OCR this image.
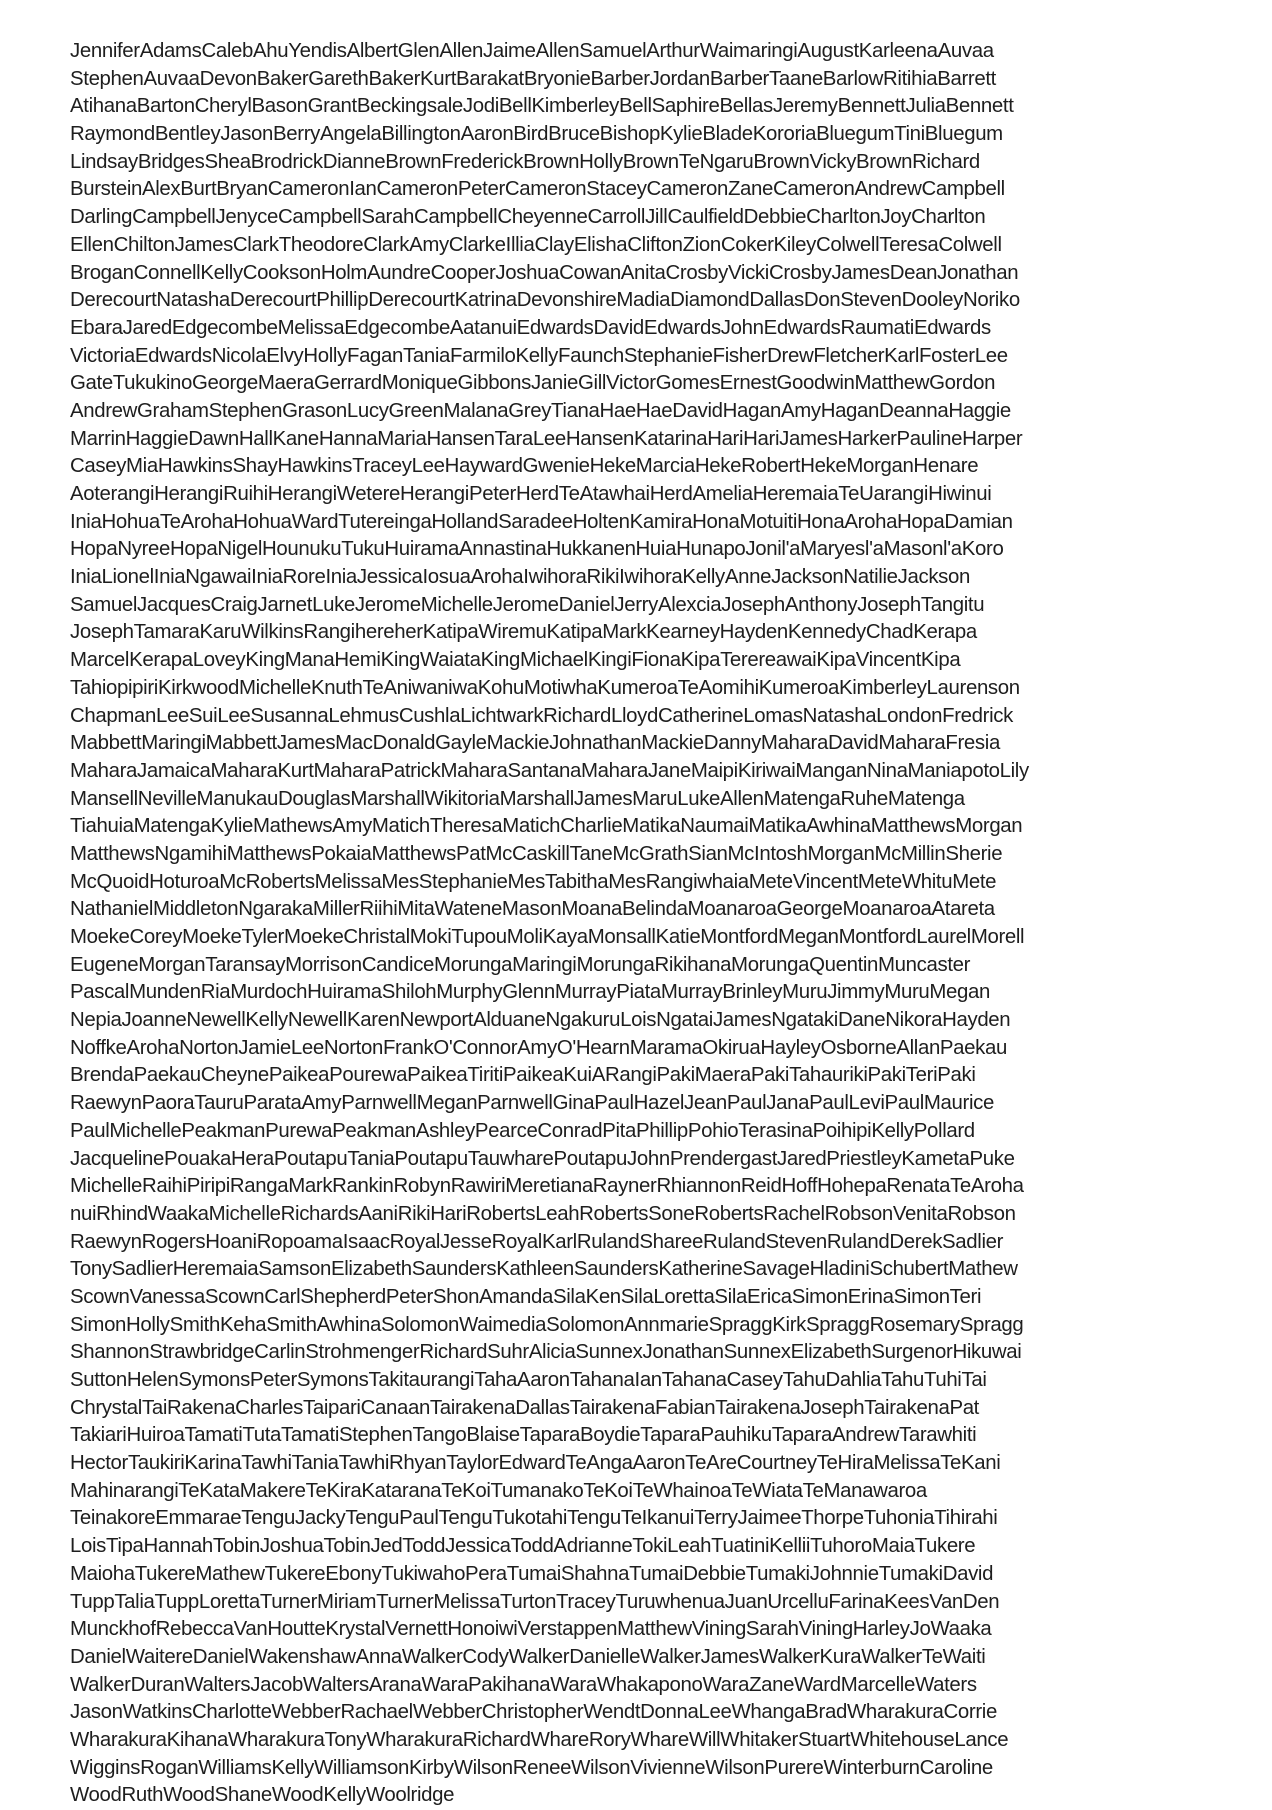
JenniferAdamsCalebAhuYendisAlbertGlenAllenJaimeAllenSamuelArthurWaimaringiAugustKarleenaAuvaa
StephenAuvaaDevonBakerGarethBakerKurtBarakatBryonieBarberJordanBarberTaaneBarlowRitihiaBarrett
AtihanaBartonCherylBasonGrantBeckingsaleJodiBellKimberleyBellSaphireBellasJeremyBennettJuliaBennett
RaymondBentleyJasonBerryAngelaBillingtonAaronBirdBruceBishopKylieBladeKororiaBluegumTiniBluegum
LindsayBridgesSheaBrodrickDianneBrownFrederickBrownHollyBrownTeNgaruBrownVickyBrownRichard
BursteinAlexBurtBryanCameronIanCameronPeterCameronStaceyCameronZaneCameronAndrewCampbell
DarlingCampbellJenyceCampbellSarahCampbellCheyenneCarrollJillCaulfieldDebbieCharltonJoyCharlton
EllenChiltonJamesClarkTheodoreClarkAmyClarkeIlliaClayElishaCliftonZionCokerKileyColwellTeresaColwell
BroganConnellKellyCooksonHolmAundreCooperJoshuaCowanAnitaCrosbyVickiCrosbyJamesDeanJonathan
DerecourtNatashaDerecourtPhillipDerecourtKatrinaDevonshireMadiaDiamondDallasDonStevenDooleyNoriko
EbaraJaredEdgecombeMelissaEdgecombeAatanuiEdwardsDavidEdwardsJohnEdwardsRaumatiEdwards
VictoriaEdwardsNicolaElvyHollyFaganTaniaFarmiloKellyFaunchStephanieFisherDrewFletcherKarlFosterLee
GateTukukinoGeorgeMaeraGerrardMoniqueGibbonsJanieGillVictorGomesErnestGoodwinMatthewGordon
AndrewGrahamStephenGrasonLucyGreenMalanaGreyTianaHaeHaeDavidHaganAmyHaganDeannaHaggie
MarrinHaggieDawnHallKaneHannaMariaHansenTaraLeeHansenKatarinaHariHariJamesHarkerPaulineHarper
CaseyMiaHawkinsShayHawkinsTraceyLeeHaywardGwenieHekeMarciaHekeRobertHekeMorganHenare
AoterangiHerangiRuihiHerangiWetereHerangiPeterHerdTeAtawhaiHerdAmeliaHeremaiaTeUarangiHiwinui
IniaHohuaTeArohaHohuaWardTutereingaHollandSaradeeHoltenKamiraHonaMotuitiHonaArohaHopaDamian
HopaNyreeHopaNigelHounukuTukuHuiramaAnnastinaHukkanenHuiaHunapoJonil'aMaryesl'aMasonl'aKoro
IniaLionelIniaNgawaiIniaRoreIniaJessicaIosuaArohaIwihoraRikiIwihoraKellyAnneJacksonNatilieJackson
SamuelJacquesCraigJarnetLukeJeromeMichelleJeromeDanielJerryAlexciaJosephAnthonyJosephTangitu
JosephTamaraKaruWilkinsRangihereherKatipaWiremuKatipaMarkKearneyHaydenKennedyChadKerapa
MarcelKerapaLoveyKingManaHemiKingWaiataKingMichaelKingiFionaKipaTerereawaiKipaVincentKipa
TahiopipiriKirkwoodMichelleKnuthTeAniwaniwaKohuMotiwhaKumeroaTeAomihiKumeroaKimberleyLaurenson
ChapmanLeeSuiLeeSusannaLehmusCushlaLichtwarkRichardLloydCatherineLomasNatashaLondonFredrick
MabbettMaringiMabbettJamesMacDonaldGayleMackieJohnathanMackieDannyMaharaDavidMaharaFresia
MaharaJamaicaMaharaKurtMaharaPatrickMaharaSantanaMaharaJaneMaipiKiriwaiManganNinaManiapotoLily
MansellNevilleManukauDouglasMarshallWikitoriaMarshallJamesMaruLukeAllenMatengaRuheMatenga
TiahuiaMatengaKylieMathewsAmyMatichTheresaMatichCharlieMatikaNaumaiMatikaAwhinaMatthewsMorgan
MatthewsNgamihiMatthewsPokaiaMatthewsPatMcCaskillTaneMcGrathSianMcIntoshMorganMcMillinSherie
McQuoidHoturoaMcRobertsMelissaMesStephanieMesTabithaMesRangiwhaiaMeteVincentMeteWhituMete
NathanielMiddletonNgarakaMillerRiihiMitaWateneMasonMoanaBelindaMoanaroaGeorgeMoanaroaAtareta
MoekeCoreyMoekeTylerMoekeChristalMokiTupouMoliKayaMonsallKatieMontfordMeganMontfordLaurelMorell
EugeneMorganTaransayMorrisonCandiceMorungaMaringiMorungaRikihanaMorungaQuentinMuncaster
PascalMundenRiaMurdochHuiramaShilohMurphyGlennMurrayPiataMurrayBrinleyMuruJimmyMuruMegan
NepiaJoanneNewellKellyNewellKarenNewportAlduaneNgakuruLoisNgataiJamesNgatakiDaneNikoraHayden
NoffkeArohaNortonJamieLeeNortonFrankO'ConnorAmyO'HearnMaramaOkiruaHayleyOsborneAllanPaekau
BrendaPaekauCheynePaikeaPourewaPaikeaTiritiPaikeaKuiARangiPakiMaeraPakiTahaurikiPakiTeriPaki
RaewynPaoraTauruParataAmyParnwellMeganParnwellGinaPaulHazelJeanPaulJanaPaulLeviPaulMaurice
PaulMichellePeakmanPurewaPeakmanAshleyPearceConradPitaPhillipPohioTerasinaPoihipiKellyPollard
JacquelinePouakaHeraPoutapuTaniaPoutapuTauwharePoutapuJohnPrendergastJaredPriestleyKametaPuke
MichelleRaihiPiripiRangaMarkRankinRobynRawiriMeretianaRaynerRhiannonReidHoffHohepaRenataTeAroha
nuiRhindWaakaMichelleRichardsAaniRikiHariRobertsLeahRobertsSoneRobertsRachelRobsonVenitaRobson
RaewynRogersHoaniRopoamaIsaacRoyalJesseRoyalKarlRulandShareeRulandStevenRulandDerekSadlier
TonySadlierHeremaiaSamsonElizabethSaundersKathleenSaundersKatherineSavageHladiniSchubertMathew
ScownVanessaScownCarlShepherdPeterShonAmandaSilaKenSilaLorettaSilaEricaSimonErinaSimonTeri
SimonHollySmithKehaSmithAwhinaSolomonWaimediaSolomonAnnmarieSpraggKirkSpraggRosemarySpragg
ShannonStrawbridgeCarlinStrohmengerRichardSuhrAliciaSunnexJonathanSunnexElizabethSurgenorHikuwai
SuttonHelenSymonsPeterSymonsTakitaurangiTahaAaronTahanaIanTahanaCaseyTahuDahliaTahuTuhiTai
ChrystalTaiRakenaCharlesTaipariCanaanTairakenaDallasTairakenaFabianTairakenaJosephTairakenaPat
TakiariHuiroaTamatiTutaTamatiStephenTangoBlaiseTaparaBoydieTaparaPauhikuTaparaAndrewTarawhiti
HectorTaukiriKarinaTawhiTaniaTawhiRhyanTaylorEdwardTeAngaAaronTeAreCourtneyTeHiraMelissaTeKani
MahinarangiTeKataMakereTeKiraKataranaTeKoiTumanakoTeKoiTeWhainoaTeWiataTeManawaroa
TeinakoreEmmaraeTenguJackyTenguPaulTenguTukotahiTenguTeIkanuiTerryJaimeeThorpeTuhoniaTihirahi
LoisTipaHannahTobinJoshuaTobinJedToddJessicaToddAdrianneTokiLeahTuatiniKelliiTuhoroMaiaTukere
MaiohaTukereMathewTukereEbonyTukiwahoPeraTumaiShahnaTumaiDebbieTumakiJohnnieTumakiDavid
TuppTaliaTuppLorettaTurnerMiriamTurnerMelissaTurtonTraceyTuruwhenuaJuanUrcelluFarinaKeesVanDen
MunckhofRebeccaVanHoutteKrystalVernettHonoiwiVerstappenMatthewViningSarahViningHarleyJoWaaka
DanielWaitereDanielWakenshawAnnaWalkerCodyWalkerDanielleWalkerJamesWalkerKuraWalkerTeWaiti
WalkerDuranWaltersJacobWaltersAranaWaraPakihanaWaraWhakaponoWaraZaneWardMarcelleWaters
JasonWatkinsCharlotteWebberRachaelWebberChristopherWendtDonnaLeeWhangaBradWharakuraCorrie
WharakuraKihanaWharakuraTonyWharakuraRichardWhareRoryWhareWillWhitakerStuartWhitehouseLance
WigginsRoganWilliamsKellyWilliamsonKirbyWilsonReneeWilsonVivienneWilsonPurereWinterburnCaroline
WoodRuthWoodShaneWoodKellyWoolridge
